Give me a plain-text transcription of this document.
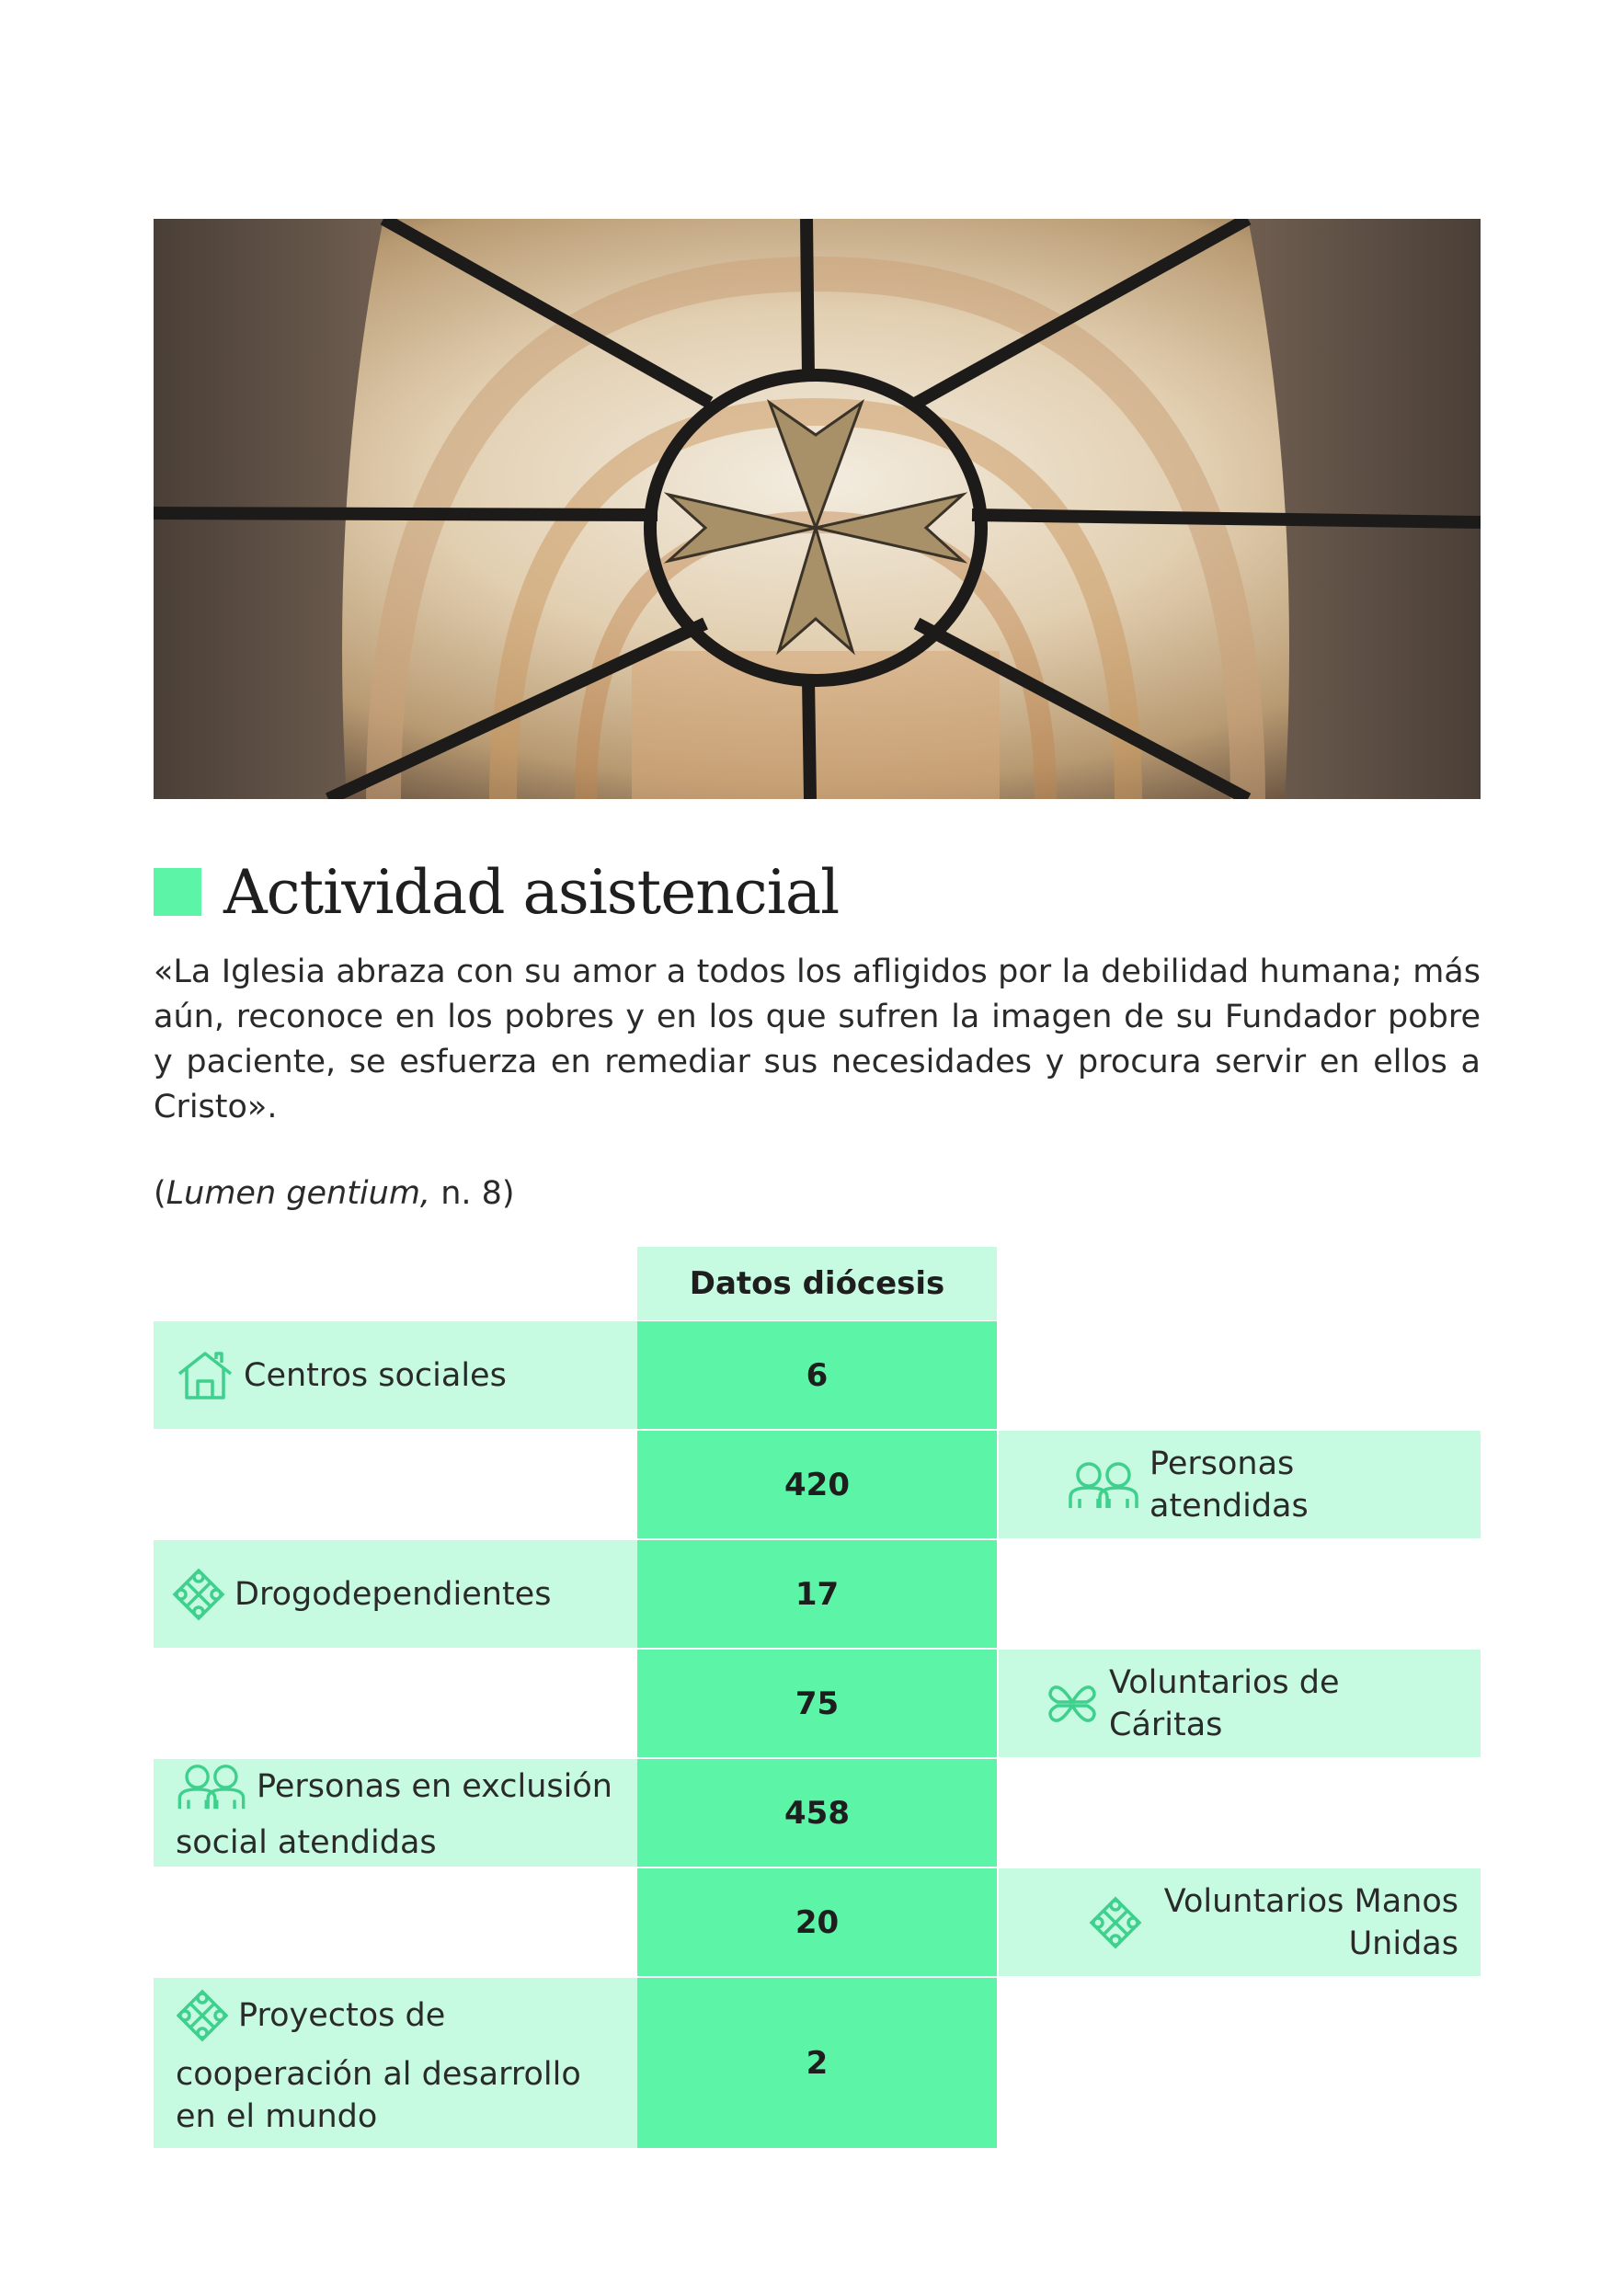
Actividad asistencial

«La Iglesia abraza con su amor a todos los afligidos por la debilidad humana; más aún, reconoce en los pobres y en los que sufren la imagen de su Fundador pobre y paciente, se esfuerza en remediar sus necesidades y procura servir en ellos a Cristo».

(Lumen gentium, n. 8)
Datos diócesis
Centros sociales	6
420
Personas atendidas
Drogodependientes	17
75
Voluntarios de Cáritas
Personas en exclusión
social atendidas
458
20
Voluntarios Manos
Unidas
Proyectos de
cooperación al desarrollo
en el mundo
2
